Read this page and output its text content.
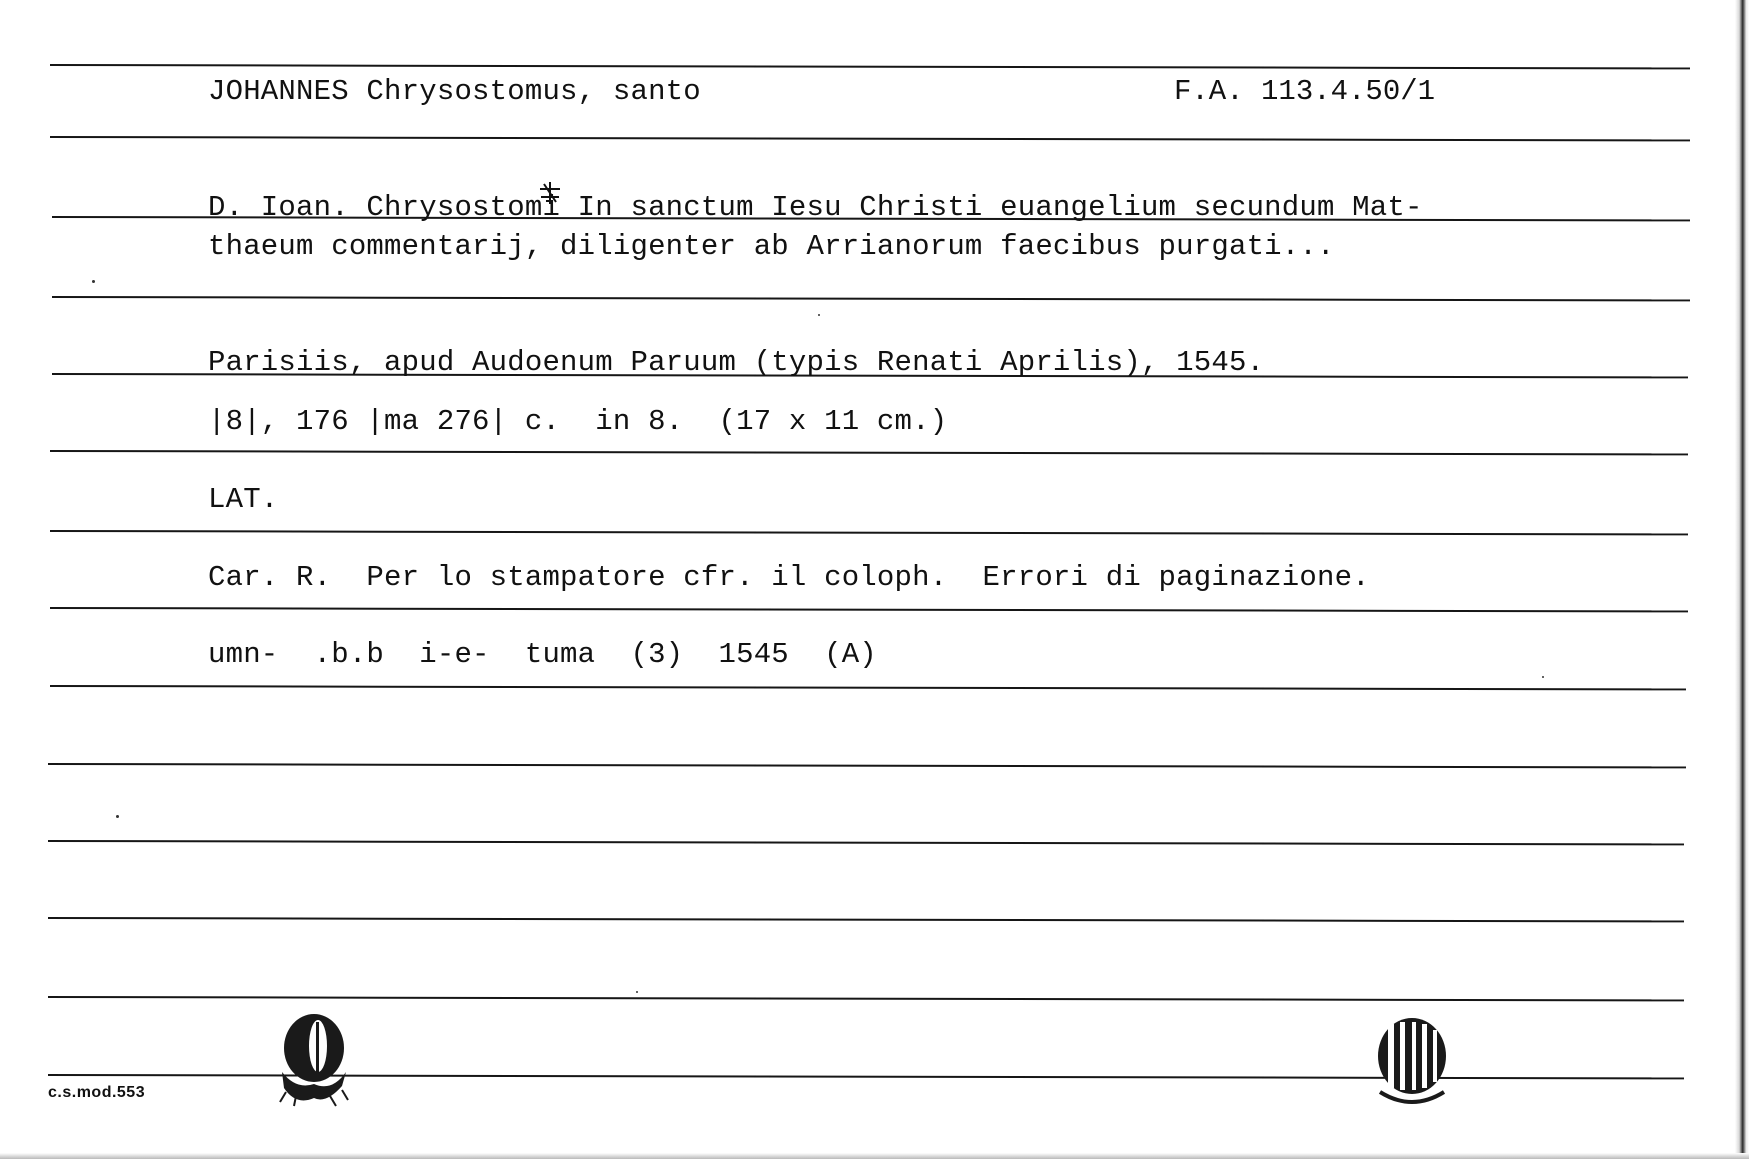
JOHANNES Chrysostomus, santo	F.A. 113.4.50/1
D. Ioan. Chrysostomi In sanctum Iesu Christi euangelium secundum Mat-
thaeum commentarij, diligenter ab Arrianorum faecibus purgati...
Parisiis, apud Audoenum Paruum (typis Renati Aprilis), 1545.
|8|, 176 |ma 276| c.  in 8.  (17 x 11 cm.)
LAT.
Car. R.  Per lo stampatore cfr. il coloph.  Errori di paginazione.
umn-  .b.b  i-e-  tuma  (3)  1545  (A)
c.s.mod.553
